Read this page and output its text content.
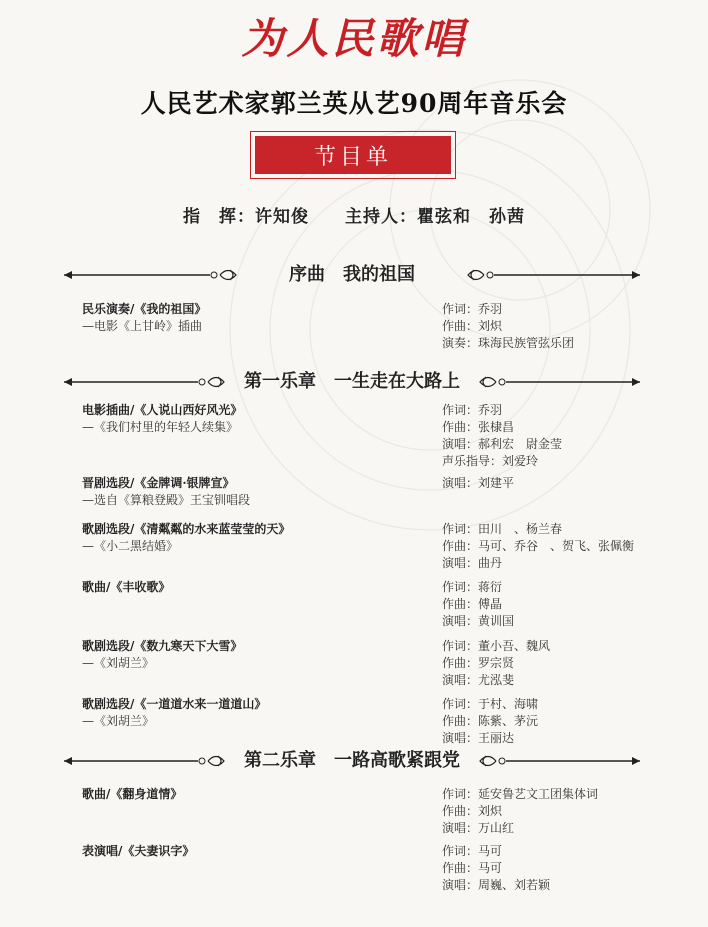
为人民歌唱
人民艺术家郭兰英从艺90周年音乐会
节目单
指　挥：许知俊　　主持人：瞿弦和　孙茜
序曲　我的祖国
民乐演奏/《我的祖国》
—电影《上甘岭》插曲
作词：乔羽
作曲：刘炽
演奏：珠海民族管弦乐团
第一乐章　一生走在大路上
电影插曲/《人说山西好风光》
—《我们村里的年轻人续集》
作词：乔羽
作曲：张棣昌
演唱：郝利宏　尉金莹
声乐指导：刘爱玲
晋剧选段/《金牌调·银牌宣》
—选自《算粮登殿》王宝钏唱段
演唱：刘建平
歌剧选段/《清粼粼的水来蓝莹莹的天》
—《小二黑结婚》
作词：田川　、杨兰春
作曲：马可、乔谷　、贺飞、张佩衡
演唱：曲丹
歌曲/《丰收歌》	作词：蒋衍
作曲：傅晶
演唱：黄训国
歌剧选段/《数九寒天下大雪》
—《刘胡兰》
作词：董小吾、魏风
作曲：罗宗贤
演唱：尤泓斐
歌剧选段/《一道道水来一道道山》
—《刘胡兰》
作词：于村、海啸
作曲：陈紫、茅沅
演唱：王丽达
第二乐章　一路高歌紧跟党
歌曲/《翻身道情》	作词：延安鲁艺文工团集体词
作曲：刘炽
演唱：万山红
表演唱/《夫妻识字》	作词：马可
作曲：马可
演唱：周巍、刘若颖
